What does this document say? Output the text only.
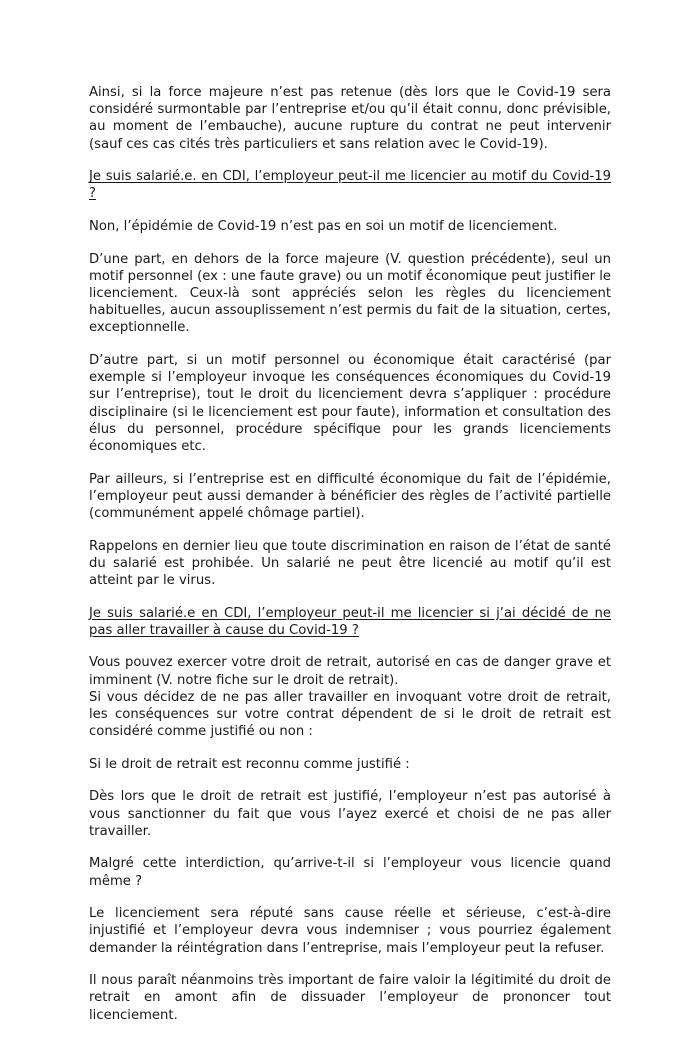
Ainsi, si la force majeure n’est pas retenue (dès lors que le Covid-19 sera considéré surmontable par l’entreprise et/ou qu’il était connu, donc prévisible, au moment de l’embauche), aucune rupture du contrat ne peut intervenir (sauf ces cas cités très particuliers et sans relation avec le Covid-19).

Je suis salarié.e. en CDI, l’employeur peut-il me licencier au motif du Covid-19 ?

Non, l’épidémie de Covid-19 n’est pas en soi un motif de licenciement.

D’une part, en dehors de la force majeure (V. question précédente), seul un motif personnel (ex : une faute grave) ou un motif économique peut justifier le licenciement. Ceux-là sont appréciés selon les règles du licenciement habituelles, aucun assouplissement n’est permis du fait de la situation, certes, exceptionnelle.

D’autre part, si un motif personnel ou économique était caractérisé (par exemple si l’employeur invoque les conséquences économiques du Covid-19 sur l’entreprise), tout le droit du licenciement devra s’appliquer : procédure disciplinaire (si le licenciement est pour faute), information et consultation des élus du personnel, procédure spécifique pour les grands licenciements économiques etc.

Par ailleurs, si l’entreprise est en difficulté économique du fait de l’épidémie, l’employeur peut aussi demander à bénéficier des règles de l’activité partielle (communément appelé chômage partiel).

Rappelons en dernier lieu que toute discrimination en raison de l’état de santé du salarié est prohibée. Un salarié ne peut être licencié au motif qu’il est atteint par le virus.

Je suis salarié.e en CDI, l’employeur peut-il me licencier si j’ai décidé de ne pas aller travailler à cause du Covid-19 ?

Vous pouvez exercer votre droit de retrait, autorisé en cas de danger grave et imminent (V. notre fiche sur le droit de retrait).

Si vous décidez de ne pas aller travailler en invoquant votre droit de retrait, les conséquences sur votre contrat dépendent de si le droit de retrait est considéré comme justifié ou non :

Si le droit de retrait est reconnu comme justifié :

Dès lors que le droit de retrait est justifié, l’employeur n’est pas autorisé à vous sanctionner du fait que vous l’ayez exercé et choisi de ne pas aller travailler.

Malgré cette interdiction, qu’arrive-t-il si l’employeur vous licencie quand même ?

Le licenciement sera réputé sans cause réelle et sérieuse, c’est-à-dire injustifié et l’employeur devra vous indemniser ; vous pourriez également demander la réintégration dans l’entreprise, mais l’employeur peut la refuser.

Il nous paraît néanmoins très important de faire valoir la légitimité du droit de retrait en amont afin de dissuader l’employeur de prononcer tout licenciement.
